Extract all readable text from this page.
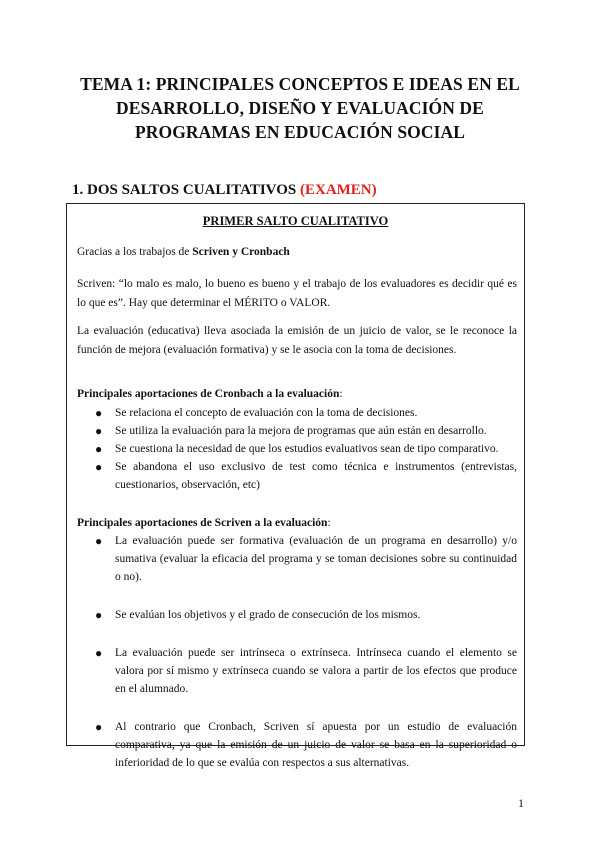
TEMA 1: PRINCIPALES CONCEPTOS E IDEAS EN EL
DESARROLLO, DISEÑO Y EVALUACIÓN DE
PROGRAMAS EN EDUCACIÓN SOCIAL
1. DOS SALTOS CUALITATIVOS (EXAMEN)
PRIMER SALTO CUALITATIVO

Gracias a los trabajos de Scriven y Cronbach

Scriven: “lo malo es malo, lo bueno es bueno y el trabajo de los evaluadores es decidir qué es lo que es”. Hay que determinar el MÉRITO o VALOR.

La evaluación (educativa) lleva asociada la emisión de un juicio de valor, se le reconoce la función de mejora (evaluación formativa) y se le asocia con la toma de decisiones.

Principales aportaciones de Cronbach a la evaluación:

● Se relaciona el concepto de evaluación con la toma de decisiones.
● Se utiliza la evaluación para la mejora de programas que aún están en desarrollo.
● Se cuestiona la necesidad de que los estudios evaluativos sean de tipo comparativo.
● Se abandona el uso exclusivo de test como técnica e instrumentos (entrevistas, cuestionarios, observación, etc)

Principales aportaciones de Scriven a la evaluación:

● La evaluación puede ser formativa (evaluación de un programa en desarrollo) y/o sumativa (evaluar la eficacia del programa y se toman decisiones sobre su continuidad o no).
● Se evalúan los objetivos y el grado de consecución de los mismos.
● La evaluación puede ser intrínseca o extrínseca. Intrínseca cuando el elemento se valora por sí mismo y extrínseca cuando se valora a partir de los efectos que produce en el alumnado.
● Al contrario que Cronbach, Scriven sí apuesta por un estudio de evaluación comparativa, ya que la emisión de un juicio de valor se basa en la superioridad o inferioridad de lo que se evalúa con respectos a sus alternativas.
1
